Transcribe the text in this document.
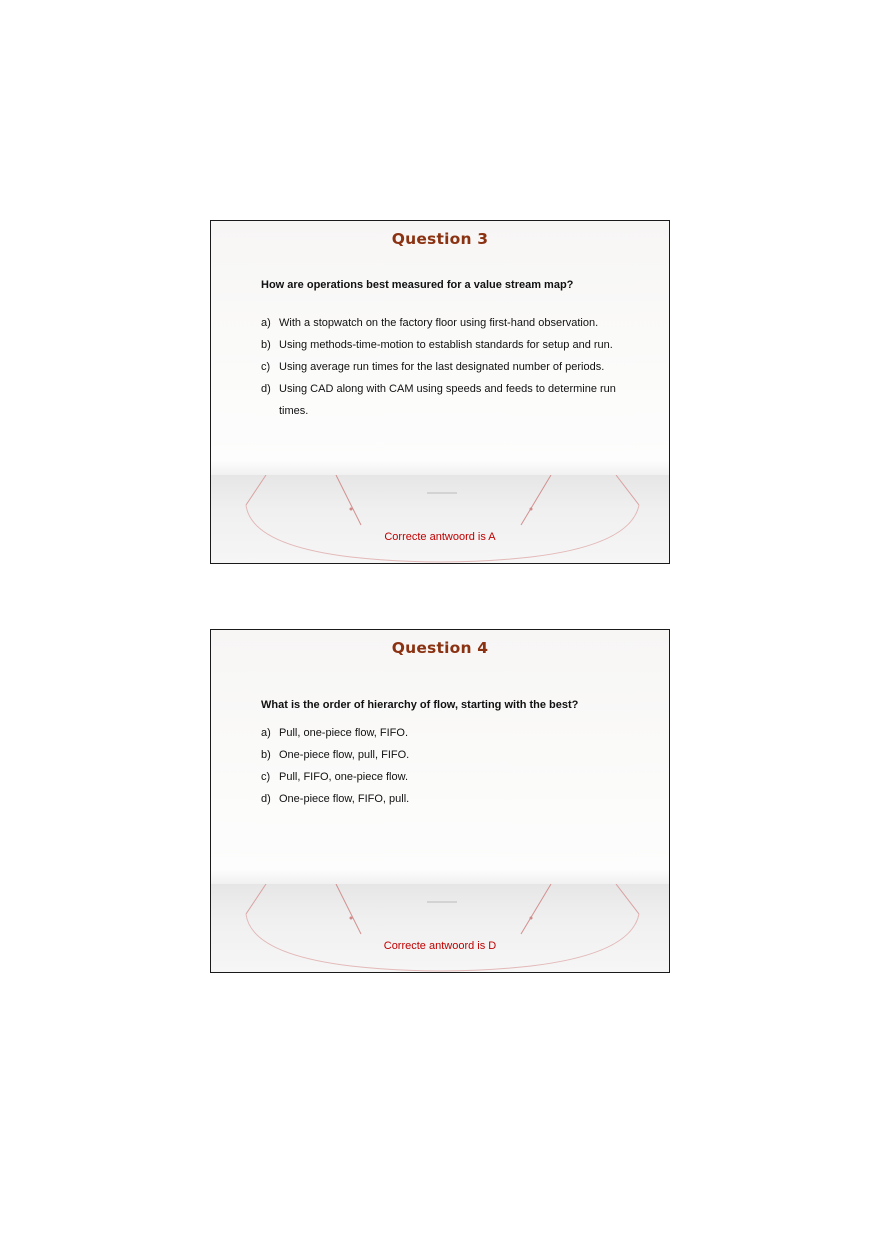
Question 3
How are operations best measured for a value stream map?
a) With a stopwatch on the factory floor using first-hand observation.
b) Using methods-time-motion to establish standards for setup and run.
c) Using average run times for the last designated number of periods.
d) Using CAD along with CAM using speeds and feeds to determine run times.
Correcte antwoord is A
Question 4
What is the order of hierarchy of flow, starting with the best?
a) Pull, one-piece flow, FIFO.
b) One-piece flow, pull, FIFO.
c) Pull, FIFO, one-piece flow.
d) One-piece flow, FIFO, pull.
Correcte antwoord is D
